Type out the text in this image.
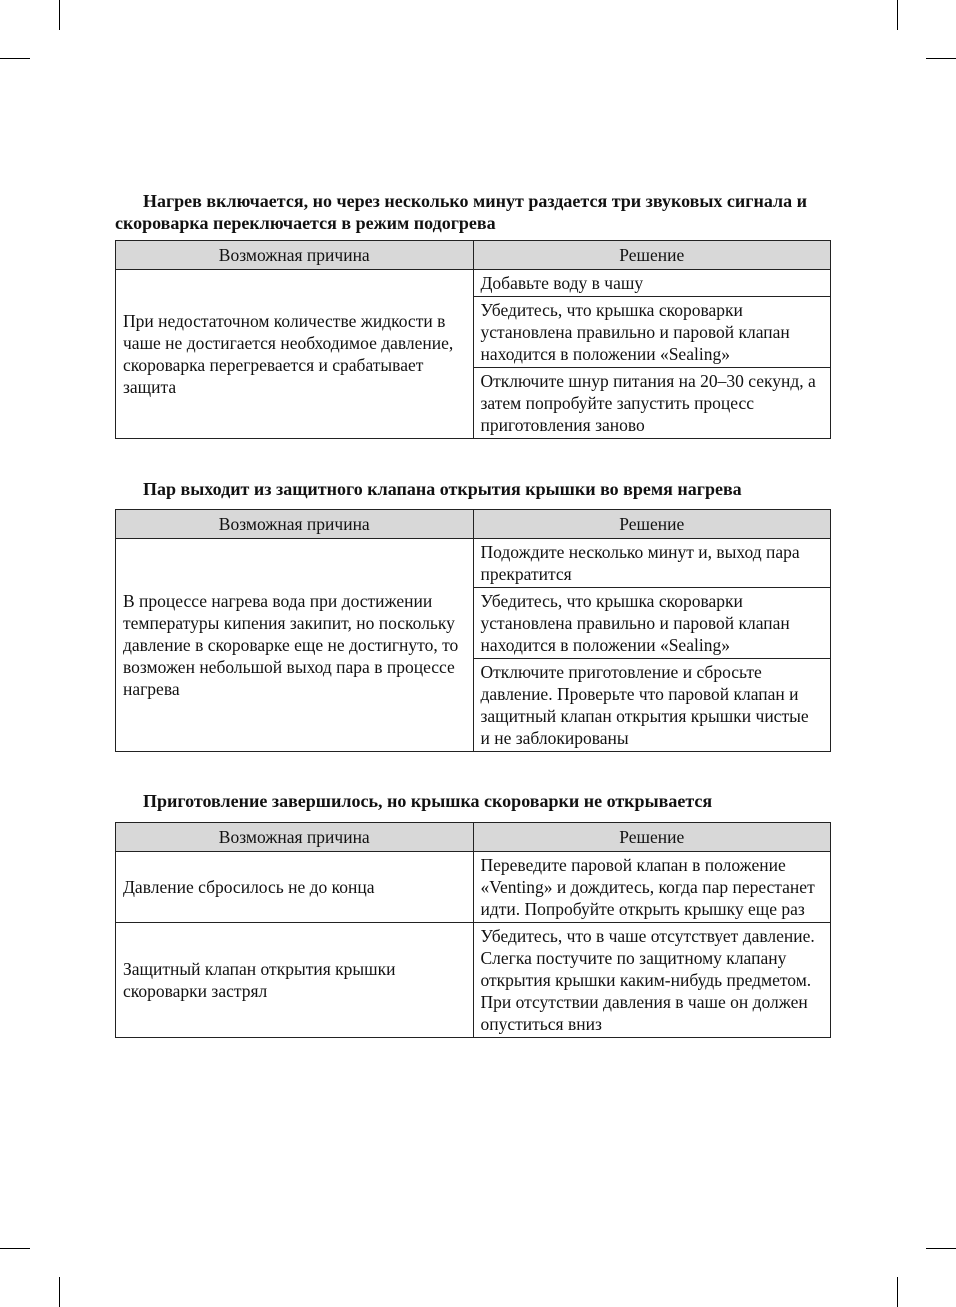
Нагрев включается, но через несколько минут раздается три звуковых сигнала и скороварка переключается в режим подогрева

Возможная причина	Решение
При недостаточном количестве жидкости в чаше не достигается необходимое давление, скороварка перегревается и срабатывает защита	Добавьте воду в чашу
	Убедитесь, что крышка скороварки установлена правильно и паровой клапан находится в положении «Sealing»
	Отключите шнур питания на 20–30 секунд, а затем попробуйте запустить процесс приготовления заново

Пар выходит из защитного клапана открытия крышки во время нагрева

Возможная причина	Решение
В процессе нагрева вода при достижении температуры кипения закипит, но поскольку давление в скороварке еще не достигнуто, то возможен небольшой выход пара в процессе нагрева	Подождите несколько минут и, выход пара прекратится
	Убедитесь, что крышка скороварки установлена правильно и паровой клапан находится в положении «Sealing»
	Отключите приготовление и сбросьте давление. Проверьте что паровой клапан и защитный клапан открытия крышки чистые и не заблокированы

Приготовление завершилось, но крышка скороварки не открывается

Возможная причина	Решение
Давление сбросилось не до конца	Переведите паровой клапан в положение «Venting» и дождитесь, когда пар перестанет идти. Попробуйте открыть крышку еще раз
Защитный клапан открытия крышки скороварки застрял	Убедитесь, что в чаше отсутствует давление. Слегка постучите по защитному клапану открытия крышки каким-нибудь предметом. При отсутствии давления в чаше он должен опуститься вниз
